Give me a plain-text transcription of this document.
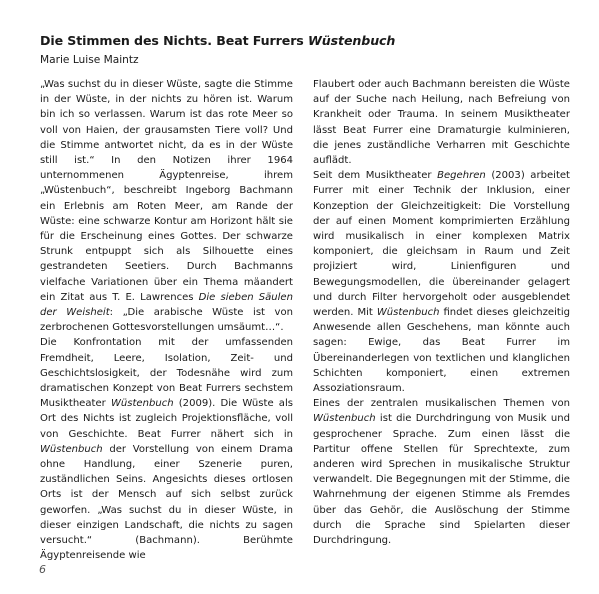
Die Stimmen des Nichts. Beat Furrers Wüstenbuch
Marie Luise Maintz

„Was suchst du in dieser Wüste, sagte die Stimme in der Wüste, in der nichts zu hören ist. Warum bin ich so verlassen. Warum ist das rote Meer so voll von Haien, der grausamsten Tiere voll? Und die Stimme antwortet nicht, da es in der Wüste still ist.“ In den Notizen ihrer 1964 unternommenen Ägyptenreise, ihrem „Wüstenbuch“, beschreibt Ingeborg Bachmann ein Erlebnis am Roten Meer, am Rande der Wüste: eine schwarze Kontur am Horizont hält sie für die Erscheinung eines Gottes. Der schwarze Strunk entpuppt sich als Silhouette eines gestrandeten Seetiers. Durch Bachmanns vielfache Variationen über ein Thema mäandert ein Zitat aus T. E. Lawrences Die sieben Säulen der Weisheit: „Die arabische Wüste ist von zerbrochenen Gottesvorstellungen umsäumt…“.

Die Konfrontation mit der umfassenden Fremdheit, Leere, Isolation, Zeit- und Geschichtslosigkeit, der Todesnähe wird zum dramatischen Konzept von Beat Furrers sechstem Musiktheater Wüstenbuch (2009). Die Wüste als Ort des Nichts ist zugleich Projektionsfläche, voll von Geschichte. Beat Furrer nähert sich in Wüstenbuch der Vorstellung von einem Drama ohne Handlung, einer Szenerie puren, zuständlichen Seins. Angesichts dieses ortlosen Orts ist der Mensch auf sich selbst zurück geworfen. „Was suchst du in dieser Wüste, in dieser einzigen Landschaft, die nichts zu sagen versucht.“ (Bachmann). Berühmte Ägyptenreisende wie

Flaubert oder auch Bachmann bereisten die Wüste auf der Suche nach Heilung, nach Befreiung von Krankheit oder Trauma. In seinem Musiktheater lässt Beat Furrer eine Dramaturgie kulminieren, die jenes zuständliche Verharren mit Geschichte auflädt.

Seit dem Musiktheater Begehren (2003) arbeitet Furrer mit einer Technik der Inklusion, einer Konzeption der Gleichzeitigkeit: Die Vorstellung der auf einen Moment komprimierten Erzählung wird musikalisch in einer komplexen Matrix komponiert, die gleichsam in Raum und Zeit projiziert wird, Linienfiguren und Bewegungsmodellen, die übereinander gelagert und durch Filter hervorgeholt oder ausgeblendet werden. Mit Wüstenbuch findet dieses gleichzeitig Anwesende allen Geschehens, man könnte auch sagen: Ewige, das Beat Furrer im Übereinanderlegen von textlichen und klanglichen Schichten komponiert, einen extremen Assoziationsraum.

Eines der zentralen musikalischen Themen von Wüstenbuch ist die Durchdringung von Musik und gesprochener Sprache. Zum einen lässt die Partitur offene Stellen für Sprechtexte, zum anderen wird Sprechen in musikalische Struktur verwandelt. Die Begegnungen mit der Stimme, die Wahrnehmung der eigenen Stimme als Fremdes über das Gehör, die Auslöschung der Stimme durch die Sprache sind Spielarten dieser Durchdringung.

6
